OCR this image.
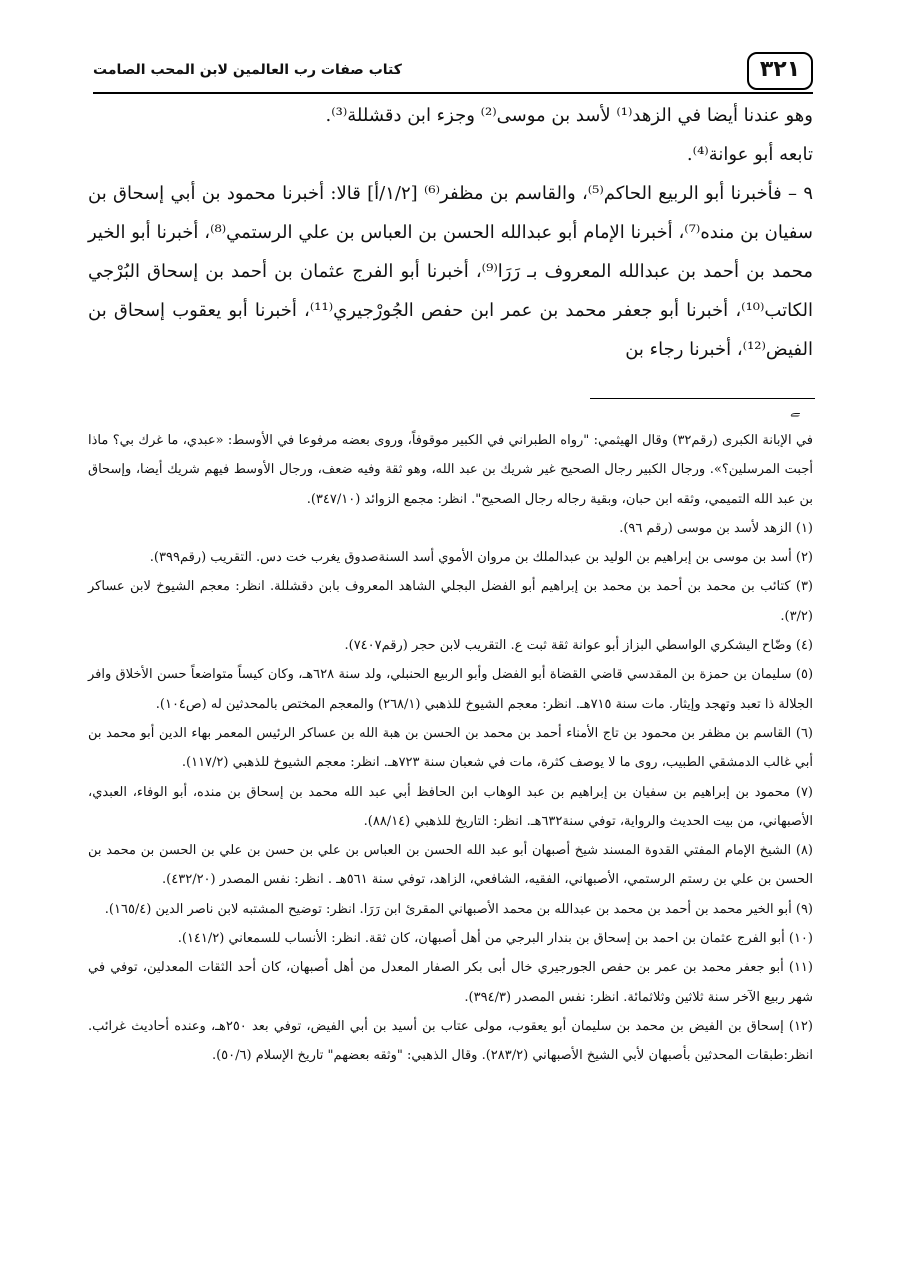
٣٢١
كتاب صفات رب العالمين لابن المحب الصامت

وهو عندنا أيضا في الزهد⁽¹⁾ لأسد بن موسى⁽²⁾ وجزء ابن دقشللة⁽³⁾.

تابعه أبو عوانة⁽⁴⁾.

٩ – فأخبرنا أبو الربيع الحاكم⁽⁵⁾، والقاسم بن مظفر⁽⁶⁾ [١/٢/أ] قالا: أخبرنا محمود بن أبي إسحاق بن سفيان بن منده⁽⁷⁾، أخبرنا الإمام أبو عبدالله الحسن بن العباس بن علي الرستمي⁽⁸⁾، أخبرنا أبو الخير محمد بن أحمد بن عبدالله المعروف بـ رَرَا⁽⁹⁾، أخبرنا أبو الفرج عثمان بن أحمد بن إسحاق البُرْجي الكاتب⁽¹⁰⁾، أخبرنا أبو جعفر محمد بن عمر ابن حفص الجُورْجيري⁽¹¹⁾، أخبرنا أبو يعقوب إسحاق بن الفيض⁽¹²⁾، أخبرنا رجاء بن

ﮯ

في الإبانة الكبرى (رقم٣٢) وقال الهيثمي: "رواه الطبراني في الكبير موقوفاً، وروى بعضه مرفوعا في الأوسط: «عبدي، ما غرك بي؟ ماذا أجبت المرسلين؟». ورجال الكبير رجال الصحيح غير شريك بن عبد الله، وهو ثقة وفيه ضعف، ورجال الأوسط فيهم شريك أيضا، وإسحاق بن عبد الله التميمي، وثقه ابن حبان، وبقية رجاله رجال الصحيح". انظر: مجمع الزوائد (٣٤٧/١٠).

(١) الزهد لأسد بن موسى (رقم ٩٦).

(٢) أسد بن موسى بن إبراهيم بن الوليد بن عبدالملك بن مروان الأموي أسد السنةصدوق يغرب خت دس. التقريب (رقم٣٩٩).

(٣) كتائب بن محمد بن أحمد بن محمد بن إبراهيم أبو الفضل البجلي الشاهد المعروف بابن دقشللة. انظر: معجم الشيوخ لابن عساكر (٣/٢).

(٤) وضّاح اليشكري الواسطي البزاز أبو عوانة ثقة ثبت ع. التقريب لابن حجر (رقم٧٤٠٧).

(٥) سليمان بن حمزة بن المقدسي قاضي القضاة أبو الفضل وأبو الربيع الحنبلي، ولد سنة ٦٢٨هـ، وكان كيساً متواضعاً حسن الأخلاق وافر الجلالة ذا تعبد وتهجد وإيثار. مات سنة ٧١٥هـ. انظر: معجم الشيوخ للذهبي (٢٦٨/١) والمعجم المختص بالمحدثين له (ص١٠٤).

(٦) القاسم بن مظفر بن محمود بن تاج الأمناء أحمد بن محمد بن الحسن بن هبة الله بن عساكر الرئيس المعمر بهاء الدين أبو محمد بن أبي غالب الدمشقي الطبيب، روى ما لا يوصف كثرة، مات في شعبان سنة ٧٢٣هـ. انظر: معجم الشيوخ للذهبي (١١٧/٢).

(٧) محمود بن إبراهيم بن سفيان بن إبراهيم بن عبد الوهاب ابن الحافظ أبي عبد الله محمد بن إسحاق بن منده، أبو الوفاء، العبدي، الأصبهاني، من بيت الحديث والرواية، توفي سنة٦٣٢هـ. انظر: التاريخ للذهبي (٨٨/١٤).

(٨) الشيخ الإمام المفتي القدوة المسند شيخ أصبهان أبو عبد الله الحسن بن العباس بن علي بن حسن بن علي بن الحسن بن محمد بن الحسن بن علي بن رستم الرستمي، الأصبهاني، الفقيه، الشافعي، الزاهد، توفي سنة ٥٦١هـ . انظر: نفس المصدر (٤٣٢/٢٠).

(٩) أبو الخير محمد بن أحمد بن محمد بن عبدالله بن محمد الأصبهاني المقرئ ابن رَرَا. انظر: توضيح المشتبه لابن ناصر الدين (١٦٥/٤).

(١٠) أبو الفرج عثمان بن احمد بن إسحاق بن بندار البرجي من أهل أصبهان، كان ثقة. انظر: الأنساب للسمعاني (١٤١/٢).

(١١) أبو جعفر محمد بن عمر بن حفص الجورجيري خال أبى بكر الصفار المعدل من أهل أصبهان، كان أحد الثقات المعدلين، توفي في شهر ربيع الآخر سنة ثلاثين وثلاثمائة. انظر: نفس المصدر (٣٩٤/٣).

(١٢) إسحاق بن الفيض بن محمد بن سليمان أبو يعقوب، مولى عتاب بن أسيد بن أبي الفيض، توفي بعد ٢٥٠هـ، وعنده أحاديث غرائب. انظر:طبقات المحدثين بأصبهان لأبي الشيخ الأصبهاني (٢٨٣/٢). وقال الذهبي: "وثقه بعضهم" تاريخ الإسلام (٥٠/٦).
